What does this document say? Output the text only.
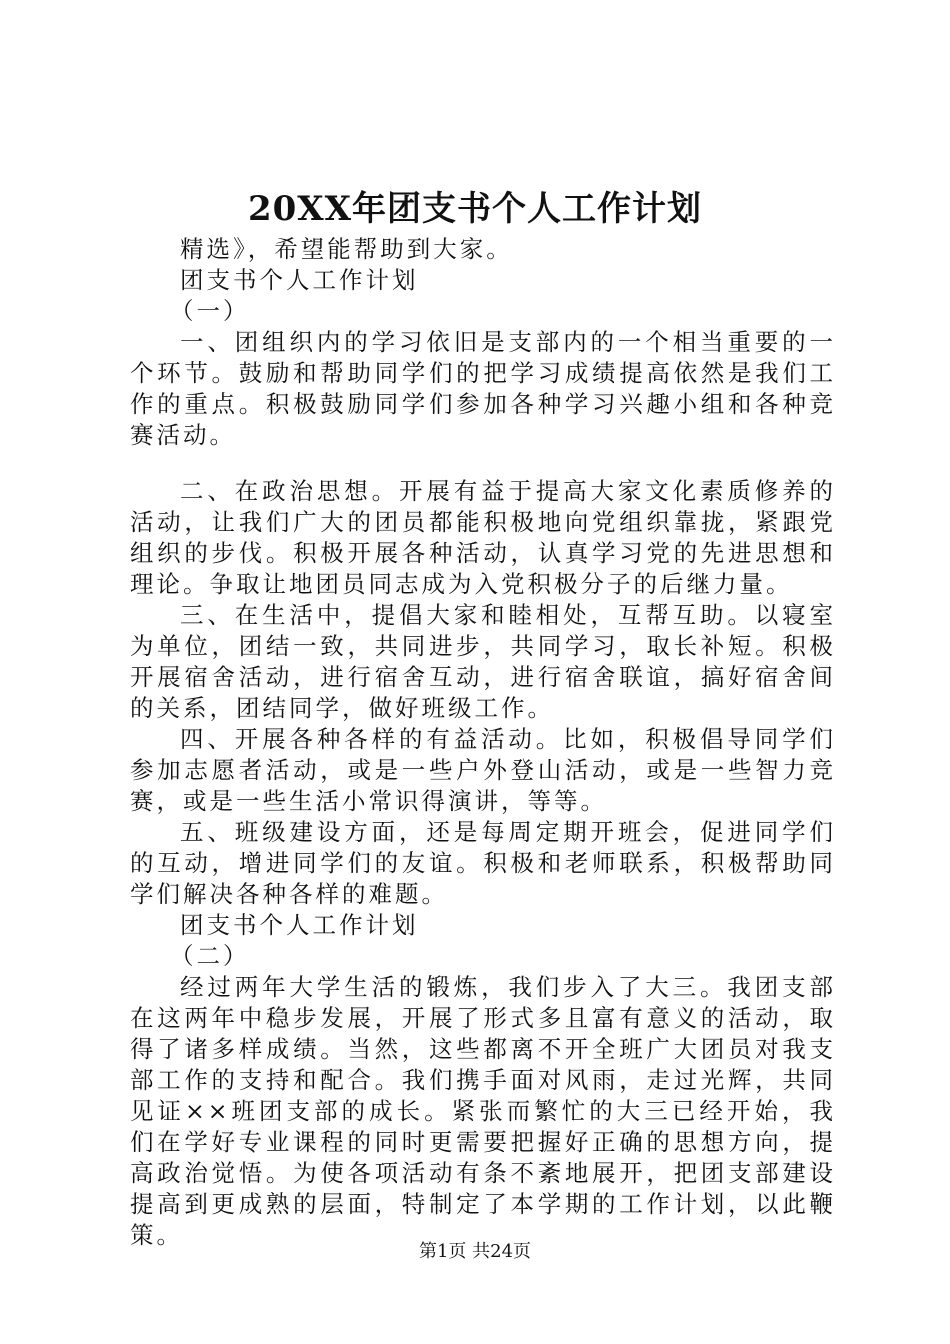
20XX年团支书个人工作计划

精选》，希望能帮助到大家。

团支书个人工作计划

（一）

一、团组织内的学习依旧是支部内的一个相当重要的一个环节。鼓励和帮助同学们的把学习成绩提高依然是我们工作的重点。积极鼓励同学们参加各种学习兴趣小组和各种竞赛活动。

二、在政治思想。开展有益于提高大家文化素质修养的活动，让我们广大的团员都能积极地向党组织靠拢，紧跟党组织的步伐。积极开展各种活动，认真学习党的先进思想和理论。争取让地团员同志成为入党积极分子的后继力量。

三、在生活中，提倡大家和睦相处，互帮互助。以寝室为单位，团结一致，共同进步，共同学习，取长补短。积极开展宿舍活动，进行宿舍互动，进行宿舍联谊，搞好宿舍间的关系，团结同学，做好班级工作。

四、开展各种各样的有益活动。比如，积极倡导同学们参加志愿者活动，或是一些户外登山活动，或是一些智力竞赛，或是一些生活小常识得演讲，等等。

五、班级建设方面，还是每周定期开班会，促进同学们的互动，增进同学们的友谊。积极和老师联系，积极帮助同学们解决各种各样的难题。

团支书个人工作计划

（二）

经过两年大学生活的锻炼，我们步入了大三。我团支部在这两年中稳步发展，开展了形式多且富有意义的活动，取得了诸多样成绩。当然，这些都离不开全班广大团员对我支部工作的支持和配合。我们携手面对风雨，走过光辉，共同见证××班团支部的成长。紧张而繁忙的大三已经开始，我们在学好专业课程的同时更需要把握好正确的思想方向，提高政治觉悟。为使各项活动有条不紊地展开，把团支部建设提高到更成熟的层面，特制定了本学期的工作计划，以此鞭策。

第1页 共24页
